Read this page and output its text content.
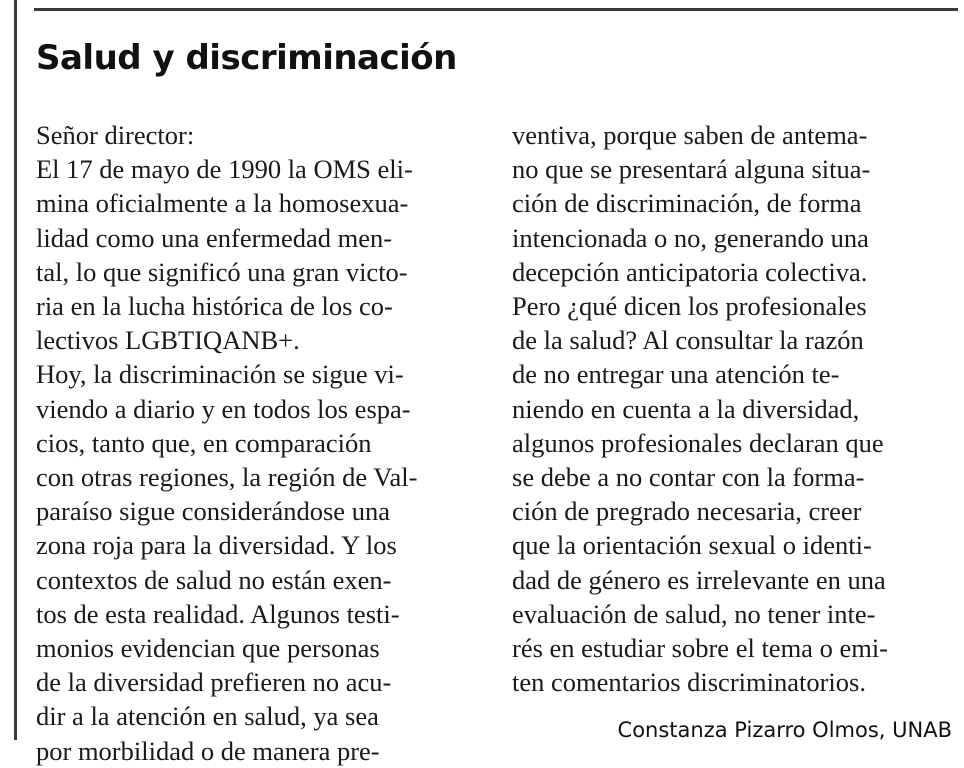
Salud y discriminación
Señor director:
El 17 de mayo de 1990 la OMS eli-
mina oficialmente a la homosexua-
lidad como una enfermedad men-
tal, lo que significó una gran victo-
ria en la lucha histórica de los co-
lectivos LGBTIQANB+.
Hoy, la discriminación se sigue vi-
viendo a diario y en todos los espa-
cios, tanto que, en comparación
con otras regiones, la región de Val-
paraíso sigue considerándose una
zona roja para la diversidad. Y los
contextos de salud no están exen-
tos de esta realidad. Algunos testi-
monios evidencian que personas
de la diversidad prefieren no acu-
dir a la atención en salud, ya sea
por morbilidad o de manera pre-
ventiva, porque saben de antema-
no que se presentará alguna situa-
ción de discriminación, de forma
intencionada o no, generando una
decepción anticipatoria colectiva.
Pero ¿qué dicen los profesionales
de la salud? Al consultar la razón
de no entregar una atención te-
niendo en cuenta a la diversidad,
algunos profesionales declaran que
se debe a no contar con la forma-
ción de pregrado necesaria, creer
que la orientación sexual o identi-
dad de género es irrelevante en una
evaluación de salud, no tener inte-
rés en estudiar sobre el tema o emi-
ten comentarios discriminatorios.
Constanza Pizarro Olmos, UNAB
